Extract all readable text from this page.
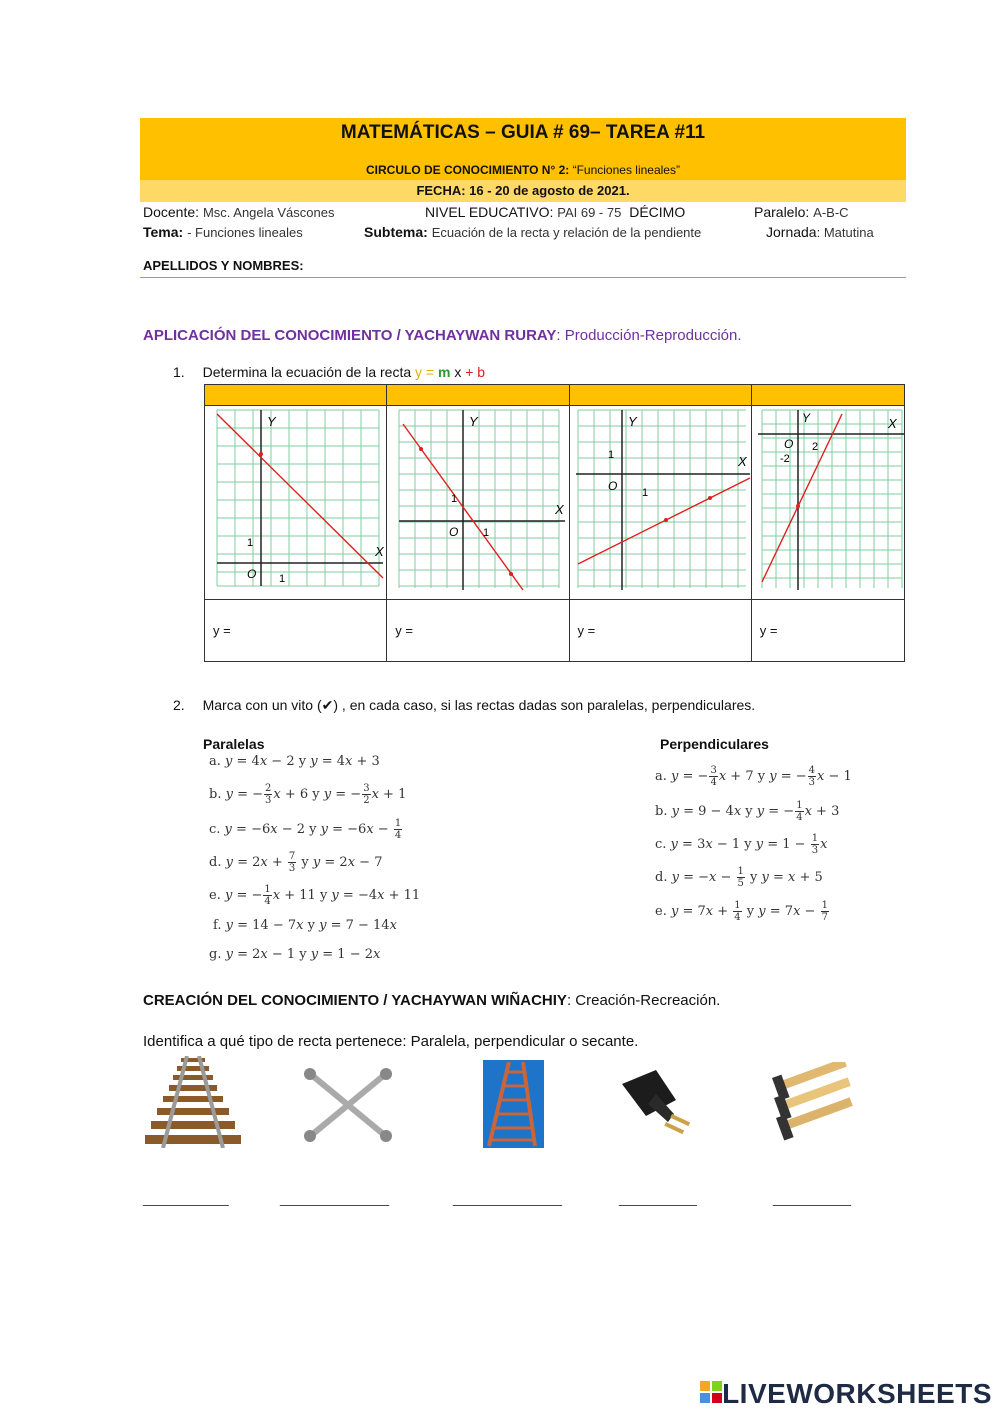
MATEMÁTICAS – GUIA # 69– TAREA #11
CIRCULO DE CONOCIMIENTO N° 2: “Funciones lineales”
FECHA: 16 - 20 de agosto de 2021.
Docente: Msc. Angela Váscones	NIVEL EDUCATIVO: PAI 69 - 75 DÉCIMO	Paralelo: A-B-C
Tema: - Funciones lineales	Subtema: Ecuación de la recta y relación de la pendiente	Jornada: Matutina
APELLIDOS Y NOMBRES:
APLICACIÓN DEL CONOCIMIENTO / YACHAYWAN RURAY: Producción-Reproducción.
1. Determina la ecuación de la recta y = m x + b

Y
X
O 1
1	Y
X
O 1
1	Y
X
O 1
1	Y X
O 2
-2

y =	y =	y =	y =
2. Marca con un vito (✔) , en cada caso, si las rectas dadas son paralelas, perpendiculares.
Paralelas	Perpendiculares
a. y = 4x − 2 y y = 4x + 3
b. y = − $\frac{2}{3}$ x + 6 y y = − $\frac{3}{2}$ x + 1
c. y = −6x − 2 y $y = -6x - \frac{1}{4}$
d. $y = 2x + \frac{7}{3}$ y y = 2x − 7
e. y = − $\frac{1}{4}$ x + 11 y y = −4x + 11
f. y = 14 − 7x y y = 7 − 14x
g. y = 2x − 1 y y = 1 − 2x
a. y = − $\frac{3}{4}$ x + 7 y y = − $\frac{4}{3}$ x − 1
b. y = 9 − 4x y y = − $\frac{1}{4}$ x + 3
c. y = 3x − 1 y $y = 1 - \frac{1}{3}$ x
d. $y = -x - \frac{1}{5}$ y y = x + 5
e. $y = 7x + \frac{1}{4}$ y $y = 7x - \frac{1}{7}$
CREACIÓN DEL CONOCIMIENTO / YACHAYWAN WIÑACHIY: Creación-Recreación.
Identifica a qué tipo de recta pertenece: Paralela, perpendicular o secante.
___________	______________	______________	__________	__________
LIVEWORKSHEETS
